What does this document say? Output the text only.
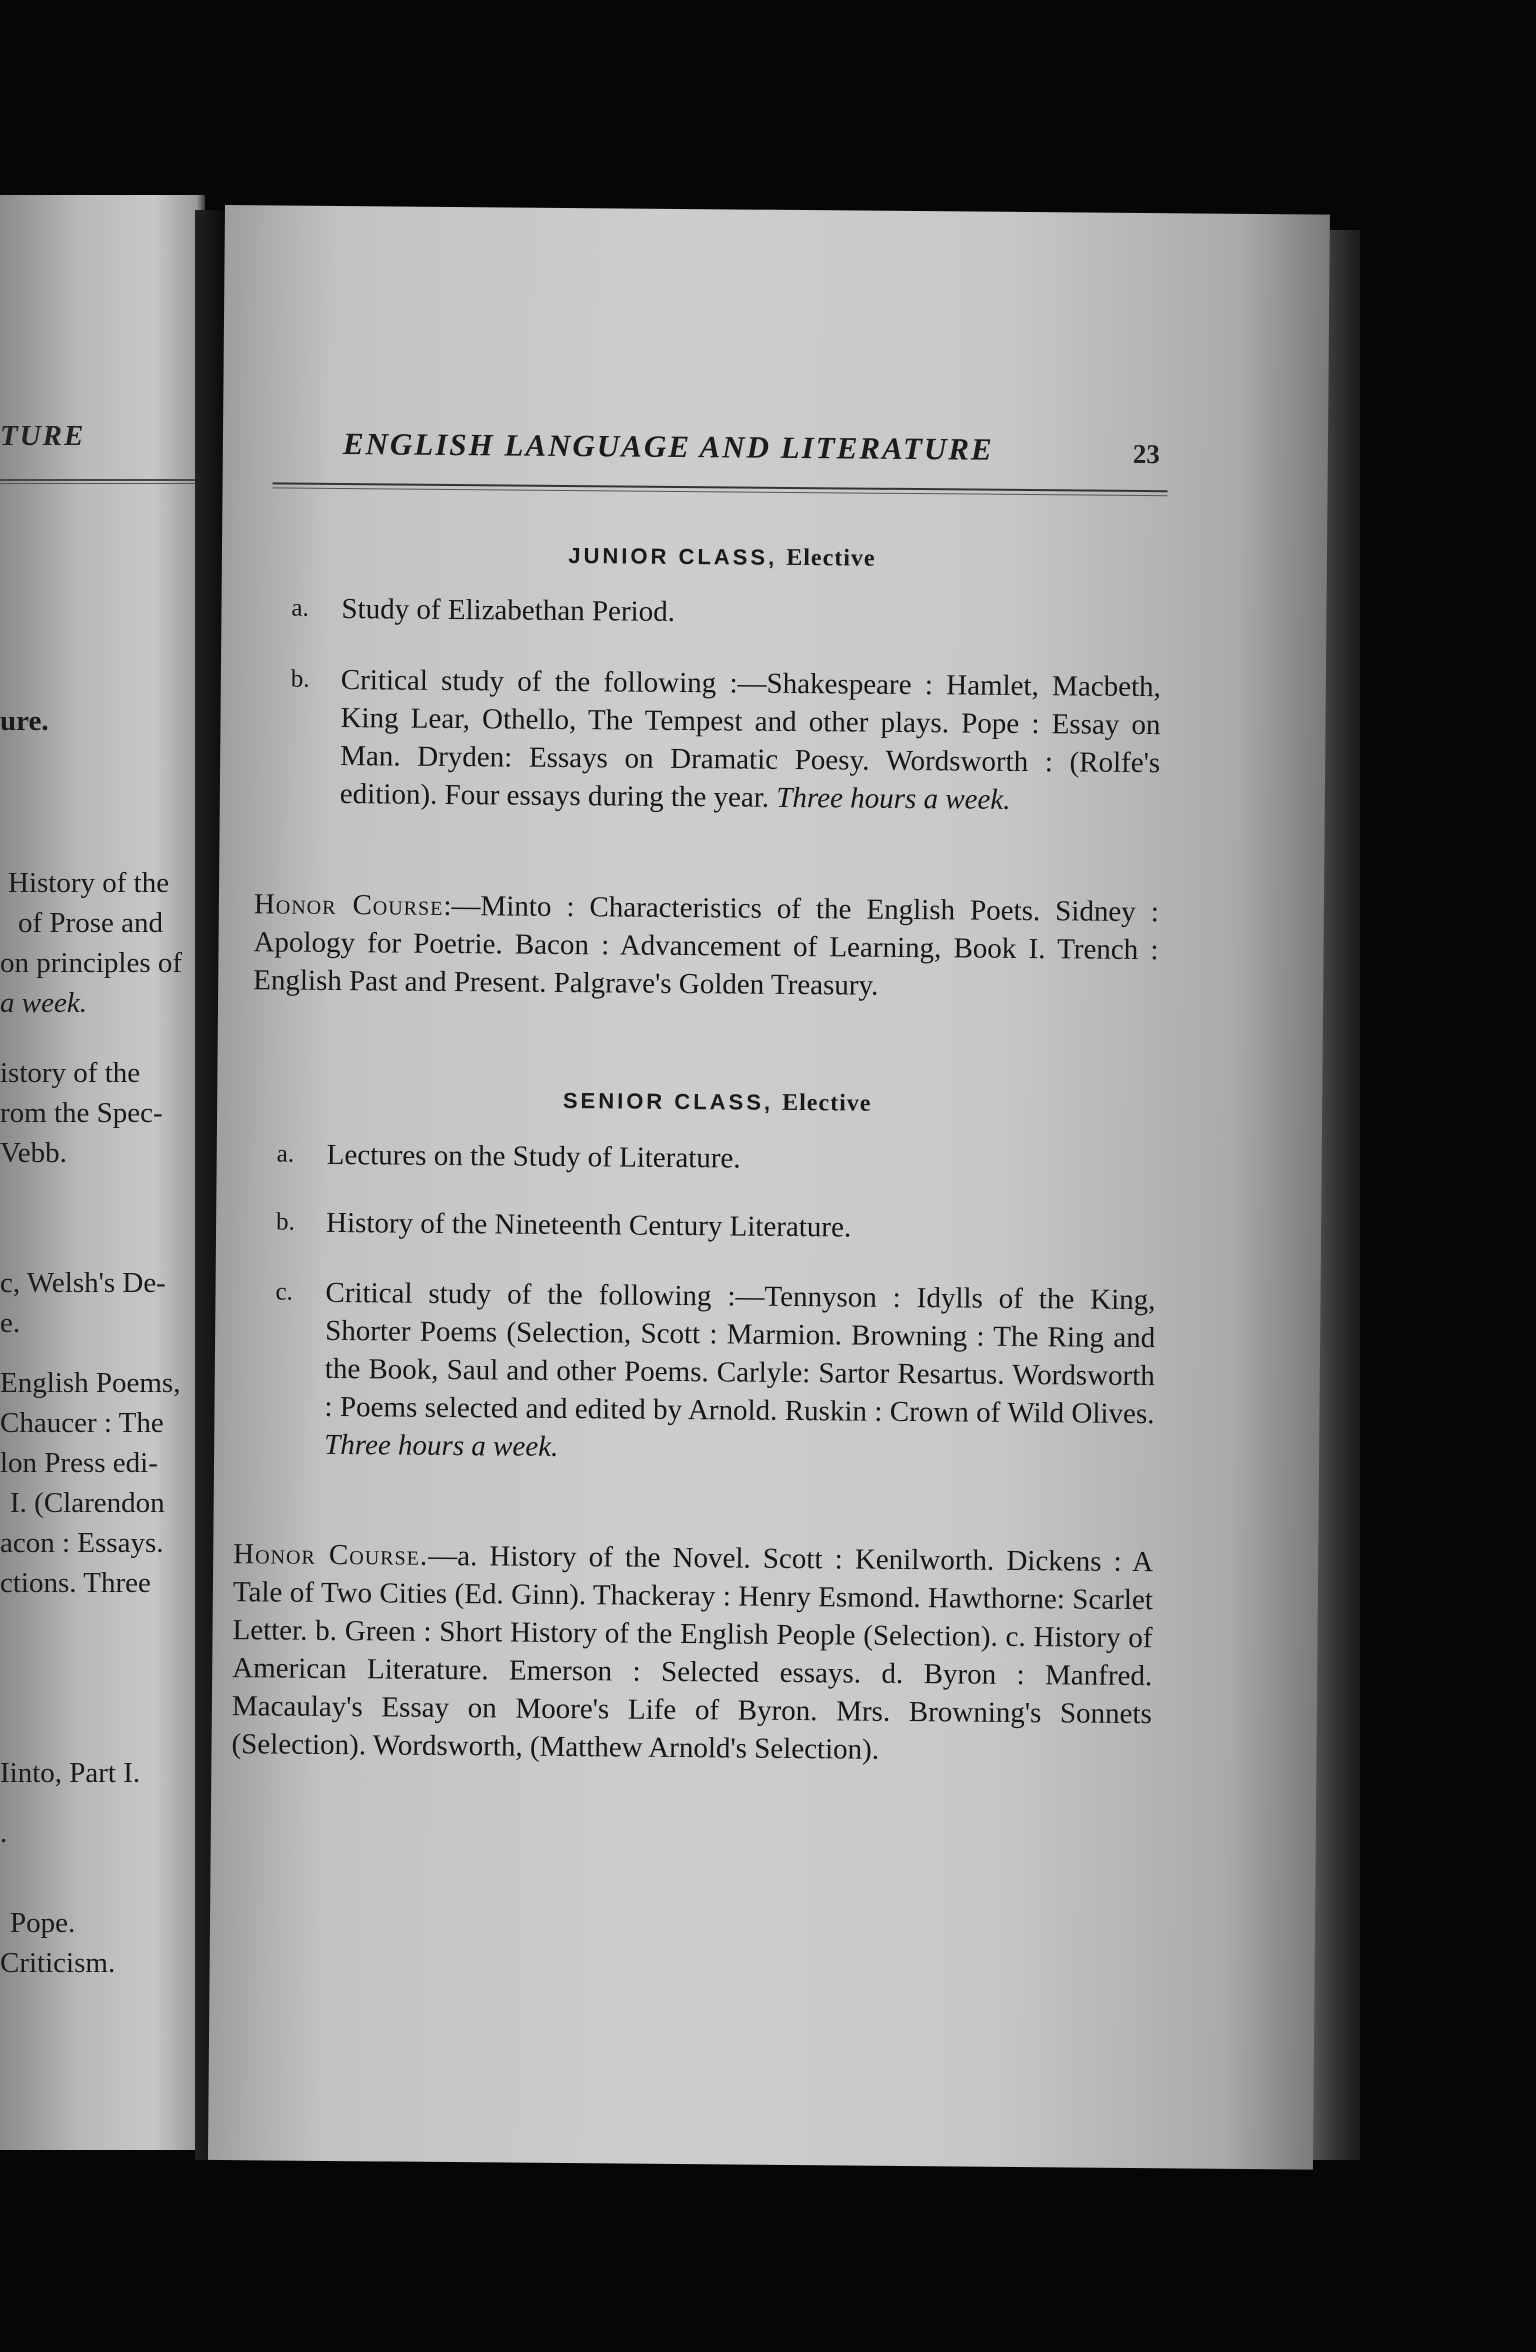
TURE
ure.
History of the
of Prose and
on principles of
a week.
istory of the
rom the Spec-
Vebb.
c, Welsh's De-
e.
English Poems,
Chaucer : The
lon Press edi-
I. (Clarendon
acon : Essays.
ctions. Three
Iinto, Part I.
.
Pope.
Criticism.
ENGLISH LANGUAGE AND LITERATURE	23
JUNIOR CLASS, Elective
a. Study of Elizabethan Period.
b. Critical study of the following :—Shakespeare : Hamlet, Macbeth, King Lear, Othello, The Tempest and other plays. Pope : Essay on Man. Dryden: Essays on Dramatic Poesy. Wordsworth : (Rolfe's edition). Four essays during the year. Three hours a week.
Honor Course:—Minto : Characteristics of the English Poets. Sidney : Apology for Poetrie. Bacon : Advancement of Learning, Book I. Trench : English Past and Present. Palgrave's Golden Treasury.
SENIOR CLASS, Elective
a. Lectures on the Study of Literature.
b. History of the Nineteenth Century Literature.
c. Critical study of the following :—Tennyson : Idylls of the King, Shorter Poems (Selection, Scott : Marmion. Browning : The Ring and the Book, Saul and other Poems. Carlyle: Sartor Resartus. Wordsworth : Poems selected and edited by Arnold. Ruskin : Crown of Wild Olives. Three hours a week.
Honor Course.—a. History of the Novel. Scott : Kenilworth. Dickens : A Tale of Two Cities (Ed. Ginn). Thackeray : Henry Esmond. Hawthorne: Scarlet Letter. b. Green : Short History of the English People (Selection). c. History of American Literature. Emerson : Selected essays. d. Byron : Manfred. Macaulay's Essay on Moore's Life of Byron. Mrs. Browning's Sonnets (Selection). Wordsworth, (Matthew Arnold's Selection).
